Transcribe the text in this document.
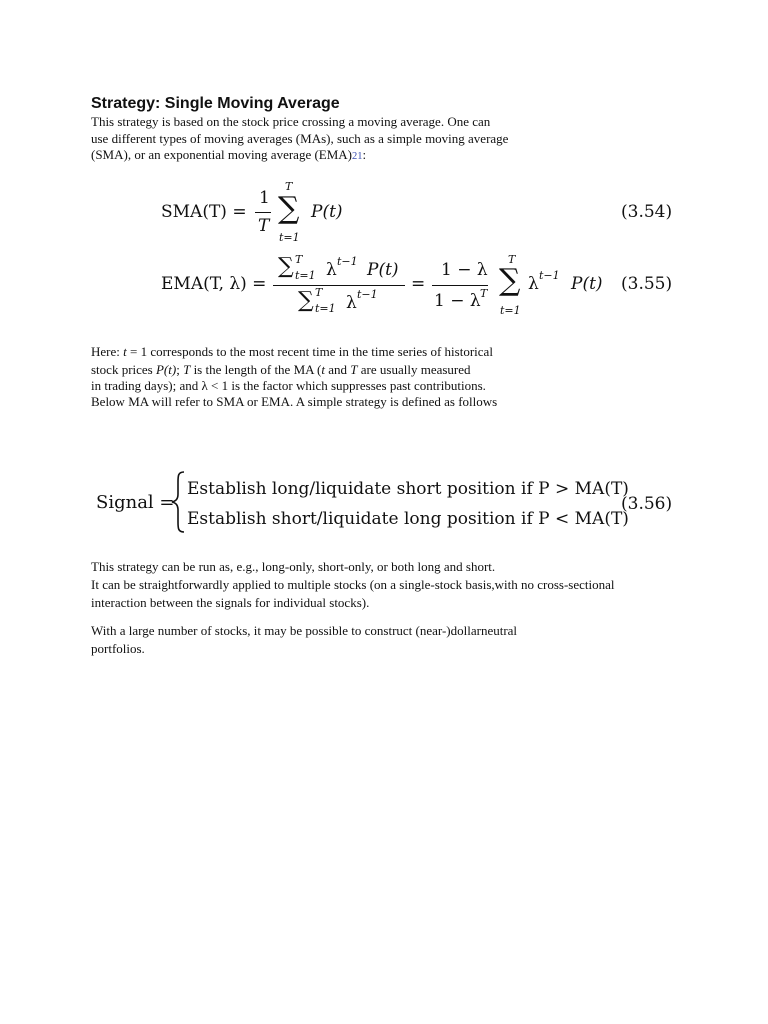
Strategy: Single Moving Average
This strategy is based on the stock price crossing a moving average. One can
use different types of moving averages (MAs), such as a simple moving average
(SMA), or an exponential moving average (EMA)21:
SMA(T) =
1
T
T
∑
t=1
P(t)	(3.54)
EMA(T, λ) =
∑ T
t=1 λ t−1 P(t)
∑ T
t=1 λ t−1
=
1 − λ
1 − λ T
T
∑
t=1
λ t−1 P(t) (3.55)
Here: t = 1 corresponds to the most recent time in the time series of historical
stock prices P(t); T is the length of the MA (t and T are usually measured
in trading days); and λ < 1 is the factor which suppresses past contributions.
Below MA will refer to SMA or EMA. A simple strategy is defined as follows
Signal =
Establish long/liquidate short position if P > MA(T)
Establish short/liquidate long position if P < MA(T)
(3.56)
This strategy can be run as, e.g., long-only, short-only, or both long and short.
It can be straightforwardly applied to multiple stocks (on a single-stock basis,with no cross-sectional
interaction between the signals for individual stocks).
With a large number of stocks, it may be possible to construct (near-)dollarneutral
portfolios.
